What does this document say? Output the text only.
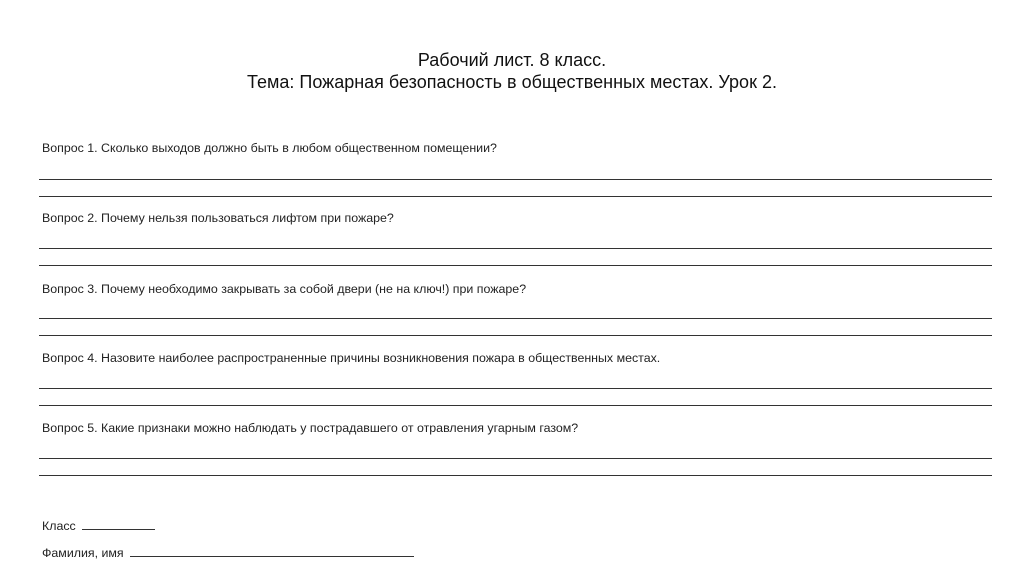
Рабочий лист. 8 класс.
Тема: Пожарная безопасность в общественных местах. Урок 2.
Вопрос 1. Сколько выходов должно быть в любом общественном помещении?
Вопрос 2. Почему нельзя пользоваться лифтом при пожаре?
Вопрос 3. Почему необходимо закрывать за собой двери (не на ключ!) при пожаре?
Вопрос 4. Назовите наиболее распространенные причины возникновения пожара в общественных местах.
Вопрос 5. Какие признаки можно наблюдать у пострадавшего от отравления угарным газом?
Класс
Фамилия, имя
